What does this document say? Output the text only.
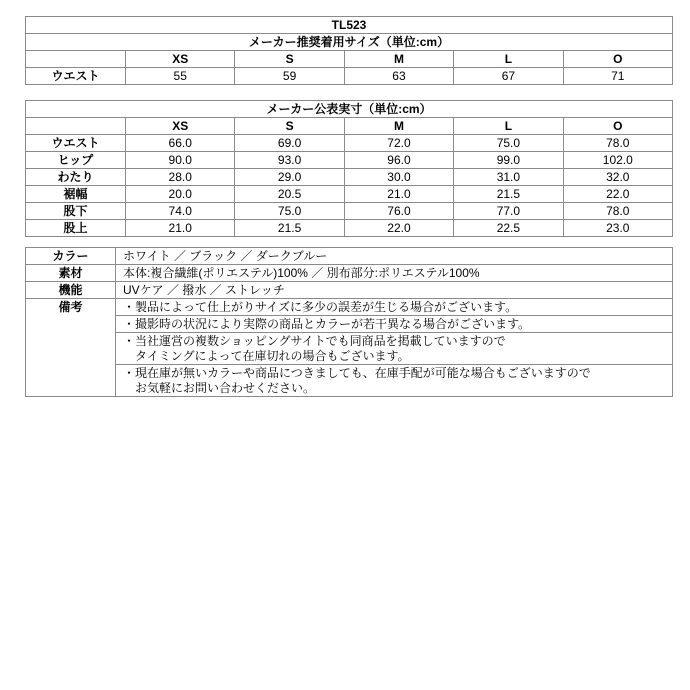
TL523					
メーカー推奨着用サイズ（単位:cm）					
	XS	S	M	L	O
ウエスト	55	59	63	67	71
メーカー公表実寸（単位:cm）					
	XS	S	M	L	O
ウエスト	66.0	69.0	72.0	75.0	78.0
ヒップ	90.0	93.0	96.0	99.0	102.0
わたり	28.0	29.0	30.0	31.0	32.0
裾幅	20.0	20.5	21.0	21.5	22.0
股下	74.0	75.0	76.0	77.0	78.0
股上	21.0	21.5	22.0	22.5	23.0
カラー	ホワイト ／ ブラック ／ ダークブルー
素材	本体:複合繊維(ポリエステル)100% ／ 別布部分:ポリエステル100%
機能	UVケア ／ 撥水 ／ ストレッチ
備考	・製品によって仕上がりサイズに多少の誤差が生じる場合がございます。

	・撮影時の状況により実際の商品とカラーが若干異なる場合がございます。

	・当社運営の複数ショッピングサイトでも同商品を掲載していますので
タイミングによって在庫切れの場合もございます。

	・現在庫が無いカラーや商品につきましても、在庫手配が可能な場合もございますので
お気軽にお問い合わせください。
